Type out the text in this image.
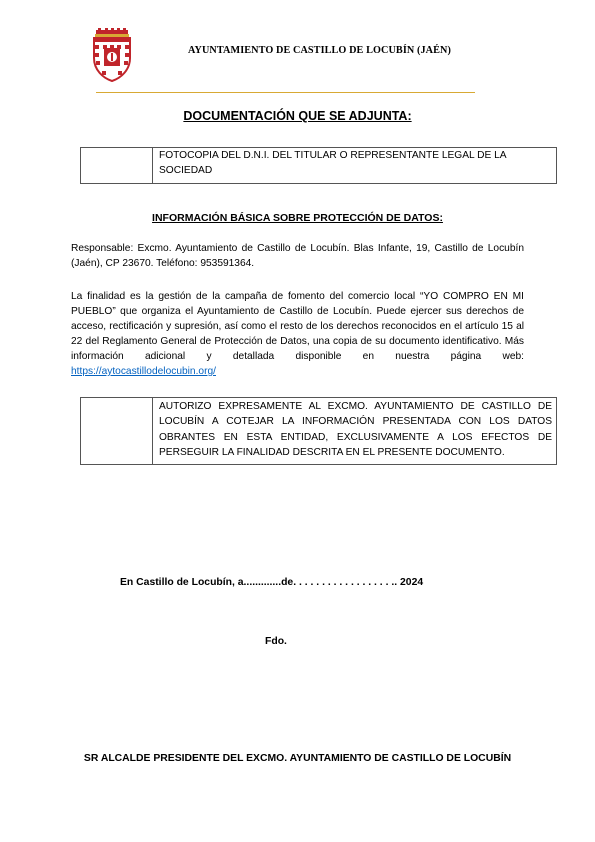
AYUNTAMIENTO DE CASTILLO DE LOCUBÍN (JAÉN)
DOCUMENTACIÓN QUE SE ADJUNTA:
FOTOCOPIA DEL D.N.I. DEL TITULAR O REPRESENTANTE LEGAL DE LA SOCIEDAD
INFORMACIÓN BÁSICA SOBRE PROTECCIÓN DE DATOS:
Responsable: Excmo. Ayuntamiento de Castillo de Locubín. Blas Infante, 19, Castillo de Locubín (Jaén), CP 23670. Teléfono: 953591364.
La finalidad es la gestión de la campaña de fomento del comercio local “YO COMPRO EN MI PUEBLO” que organiza el Ayuntamiento de Castillo de Locubín. Puede ejercer sus derechos de acceso, rectificación y supresión, así como el resto de los derechos reconocidos en el artículo 15 al 22 del Reglamento General de Protección de Datos, una copia de su documento identificativo. Más información adicional y detallada disponible en nuestra página web: https://aytocastillodelocubin.org/
AUTORIZO EXPRESAMENTE AL EXCMO. AYUNTAMIENTO DE CASTILLO DE LOCUBÍN A COTEJAR LA INFORMACIÓN PRESENTADA CON LOS DATOS OBRANTES EN ESTA ENTIDAD, EXCLUSIVAMENTE A LOS EFECTOS DE PERSEGUIR LA FINALIDAD DESCRITA EN EL PRESENTE DOCUMENTO.
En Castillo de Locubín, a.............de. . . . . . . . . . . . . . . . . .. 2024
Fdo.
SR ALCALDE PRESIDENTE DEL EXCMO. AYUNTAMIENTO DE CASTILLO DE LOCUBÍN
